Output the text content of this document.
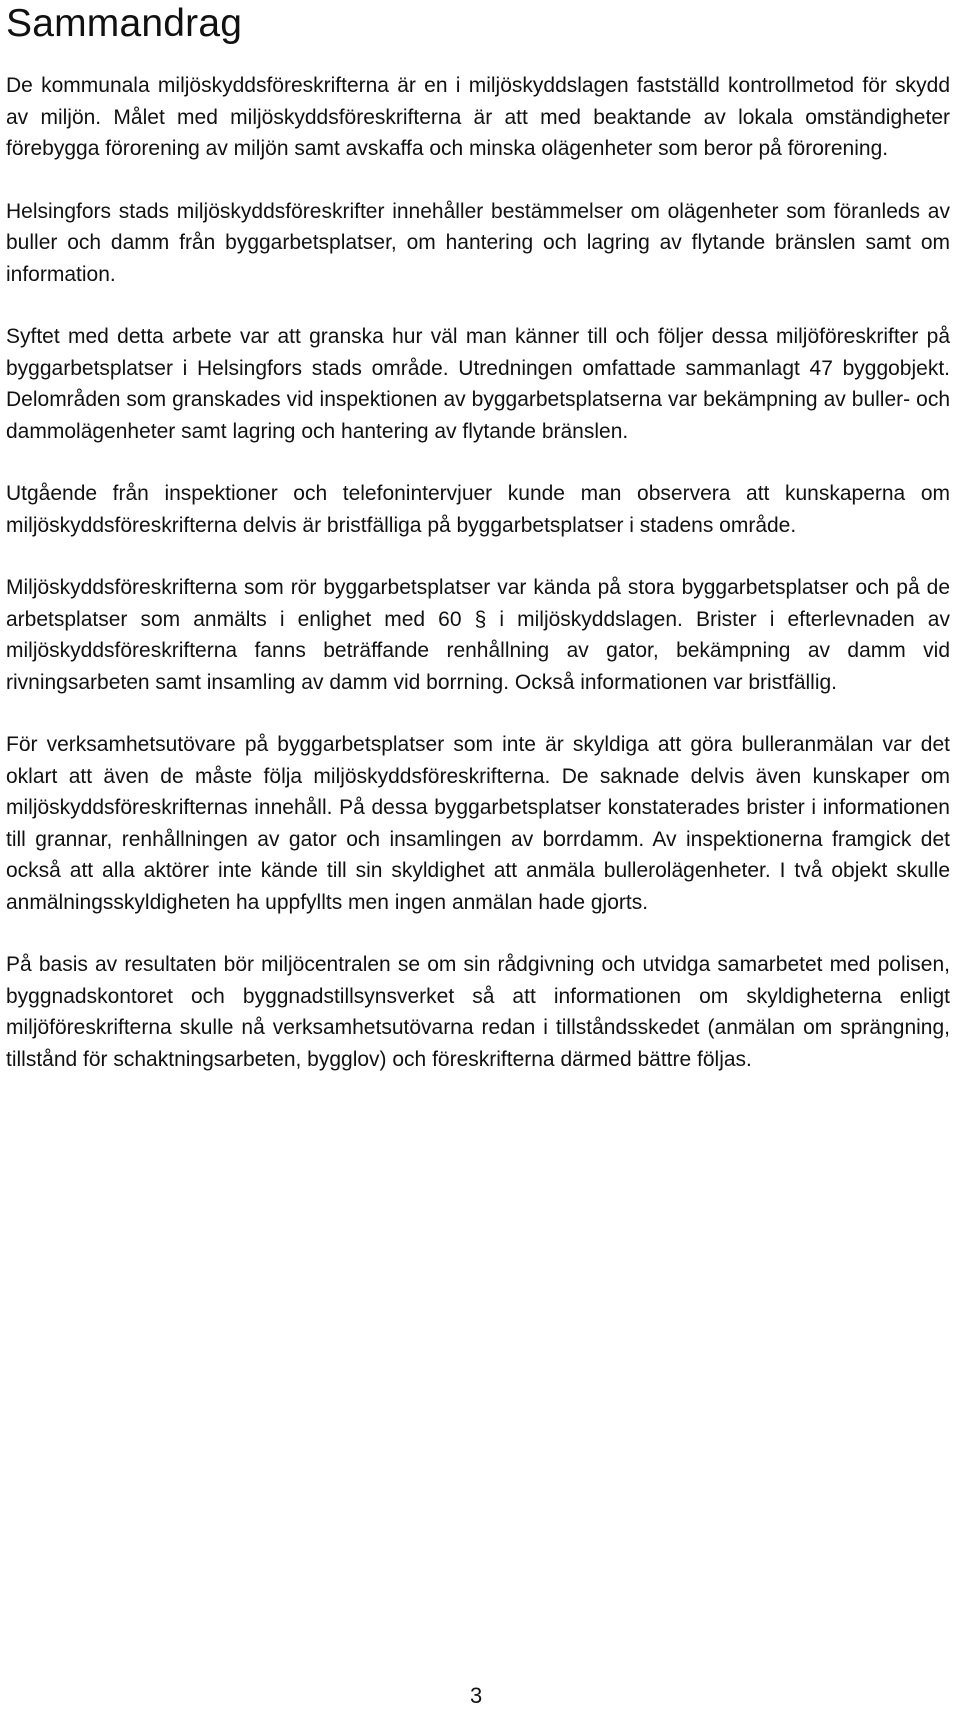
Sammandrag

De kommunala miljöskyddsföreskrifterna är en i miljöskyddslagen fastställd kontrollmetod för skydd av miljön. Målet med miljöskyddsföreskrifterna är att med beaktande av lokala omständigheter förebygga förorening av miljön samt avskaffa och minska olägenheter som beror på förorening.

Helsingfors stads miljöskyddsföreskrifter innehåller bestämmelser om olägenheter som föranleds av buller och damm från byggarbetsplatser, om hantering och lagring av flytande bränslen samt om information.

Syftet med detta arbete var att granska hur väl man känner till och följer dessa miljöföreskrifter på byggarbetsplatser i Helsingfors stads område. Utredningen omfattade sammanlagt 47 byggobjekt. Delområden som granskades vid inspektionen av byggarbetsplatserna var bekämpning av buller- och dammolägenheter samt lagring och hantering av flytande bränslen.

Utgående från inspektioner och telefonintervjuer kunde man observera att kunskaperna om miljöskyddsföreskrifterna delvis är bristfälliga på byggarbetsplatser i stadens område.

Miljöskyddsföreskrifterna som rör byggarbetsplatser var kända på stora byggarbetsplatser och på de arbetsplatser som anmälts i enlighet med 60 § i miljöskyddslagen. Brister i efterlevnaden av miljöskyddsföreskrifterna fanns beträffande renhållning av gator, bekämpning av damm vid rivningsarbeten samt insamling av damm vid borrning. Också informationen var bristfällig.

För verksamhetsutövare på byggarbetsplatser som inte är skyldiga att göra bulleranmälan var det oklart att även de måste följa miljöskyddsföreskrifterna. De saknade delvis även kunskaper om miljöskyddsföreskrifternas innehåll. På dessa byggarbetsplatser konstaterades brister i informationen till grannar, renhållningen av gator och insamlingen av borrdamm. Av inspektionerna framgick det också att alla aktörer inte kände till sin skyldighet att anmäla bullerolägenheter. I två objekt skulle anmälningsskyldigheten ha uppfyllts men ingen anmälan hade gjorts.

På basis av resultaten bör miljöcentralen se om sin rådgivning och utvidga samarbetet med polisen, byggnadskontoret och byggnadstillsynsverket så att informationen om skyldigheterna enligt miljöföreskrifterna skulle nå verksamhetsutövarna redan i tillståndsskedet (anmälan om sprängning, tillstånd för schaktningsarbeten, bygglov) och föreskrifterna därmed bättre följas.

3
